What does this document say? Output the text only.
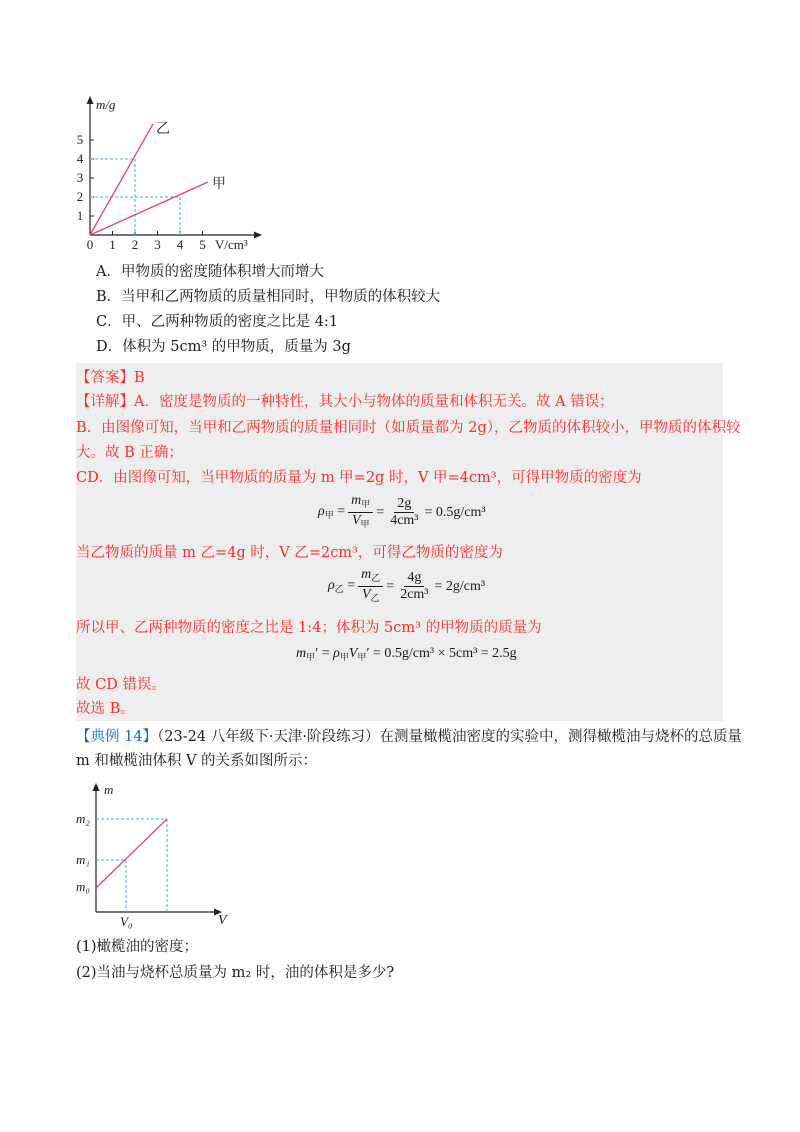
m/g
5
4
3
2
1
0 1 2 3 4 5 V/cm³
乙
甲
A．甲物质的密度随体积增大而增大
B．当甲和乙两物质的质量相同时，甲物质的体积较大
C．甲、乙两种物质的密度之比是 4:1
D．体积为 5cm³ 的甲物质，质量为 3g
【答案】B
【详解】A．密度是物质的一种特性，其大小与物体的质量和体积无关。故 A 错误；
B．由图像可知，当甲和乙两物质的质量相同时（如质量都为 2g），乙物质的体积较小，甲物质的体积较
大。故 B 正确；
CD．由图像可知，当甲物质的质量为 m 甲=2g 时，V 甲=4cm³，可得甲物质的密度为
$\rho_甲 = \frac{m_甲}{V_甲} = \frac{2g}{\text{4cm³}} = 0.5g/cm^3$
当乙物质的质量 m 乙=4g 时，V 乙=2cm³，可得乙物质的密度为
$\rho_乙 = \frac{m_乙}{V_乙} = \frac{4g}{\text{2cm³}} = 2g/cm^3$
所以甲、乙两种物质的密度之比是 1:4；体积为 5cm³ 的甲物质的质量为
$m_甲' = \rho_甲V_甲' = 0.5g/cm^3 \times 5cm^3 = 2.5g$
故 CD 错误。
故选 B。
【典例 14】（23-24 八年级下·天津·阶段练习）在测量橄榄油密度的实验中，测得橄榄油与烧杯的总质量
m 和橄榄油体积 V 的关系如图所示：
m
m₂
m₁
m₀
V₀	V
(1)橄榄油的密度；
(2)当油与烧杯总质量为 m₂ 时，油的体积是多少?
